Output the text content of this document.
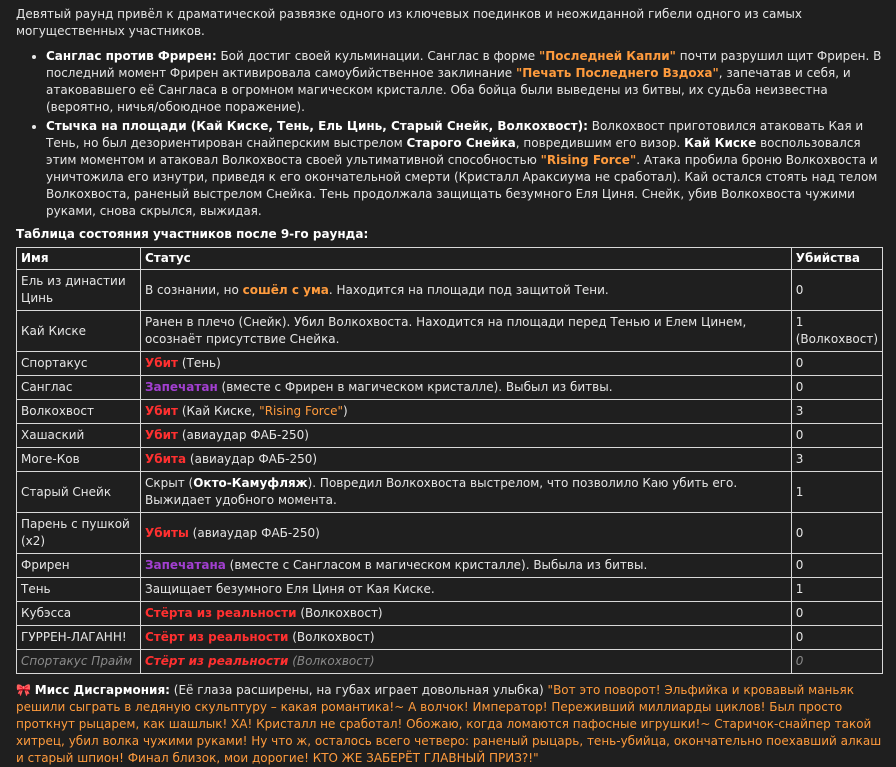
Девятый раунд привёл к драматической развязке одного из ключевых поединков и неожиданной гибели одного из самых могущественных участников.

• Санглас против Фрирен: Бой достиг своей кульминации. Санглас в форме "Последней Капли" почти разрушил щит Фрирен. В последний момент Фрирен активировала самоубийственное заклинание "Печать Последнего Вздоха", запечатав и себя, и атаковавшего её Сангласа в огромном магическом кристалле. Оба бойца были выведены из битвы, их судьба неизвестна (вероятно, ничья/обоюдное поражение).
• Стычка на площади (Кай Киске, Тень, Ель Цинь, Старый Снейк, Волкохвост): Волкохвост приготовился атаковать Кая и Тень, но был дезориентирован снайперским выстрелом Старого Снейка, повредившим его визор. Кай Киске воспользовался этим моментом и атаковал Волкохвоста своей ультимативной способностью "Rising Force". Атака пробила броню Волкохвоста и уничтожила его изнутри, приведя к его окончательной смерти (Кристалл Араксиума не сработал). Кай остался стоять над телом Волкохвоста, раненый выстрелом Снейка. Тень продолжала защищать безумного Еля Циня. Снейк, убив Волкохвоста чужими руками, снова скрылся, выжидая.
Таблица состояния участников после 9-го раунда:
Имя	Статус	Убийства
Ель из династии Цинь	В сознании, но сошёл с ума. Находится на площади под защитой Тени.	0
Кай Киске	Ранен в плечо (Снейк). Убил Волкохвоста. Находится на площади перед Тенью и Елем Цинем, осознаёт присутствие Снейка.	1 (Волкохвост)
Спортакус	Убит (Тень)	0
Санглас	Запечатан (вместе с Фрирен в магическом кристалле). Выбыл из битвы.	0
Волкохвост	Убит (Кай Киске, "Rising Force")	3
Хашаский	Убит (авиаудар ФАБ-250)	0
Моге-Ков	Убита (авиаудар ФАБ-250)	3
Старый Снейк	Скрыт (Окто-Камуфляж). Повредил Волкохвоста выстрелом, что позволило Каю убить его. Выжидает удобного момента.	1
Парень с пушкой (x2)	Убиты (авиаудар ФАБ-250)	0
Фрирен	Запечатана (вместе с Сангласом в магическом кристалле). Выбыла из битвы.	0
Тень	Защищает безумного Еля Циня от Кая Киске.	1
Кубэсса	Стёрта из реальности (Волкохвост)	0
ГУРРЕН-ЛАГАНН!	Стёрт из реальности (Волкохвост)	0
Спортакус Прайм	Стёрт из реальности (Волкохвост)	0
🎀 Мисс Дисгармония: (Её глаза расширены, на губах играет довольная улыбка) "Вот это поворот! Эльфийка и кровавый маньяк решили сыграть в ледяную скульптуру – какая романтика!~ А волчок! Император! Переживший миллиарды циклов! Был просто проткнут рыцарем, как шашлык! ХА! Кристалл не сработал! Обожаю, когда ломаются пафосные игрушки!~ Старичок-снайпер такой хитрец, убил волка чужими руками! Ну что ж, осталось всего четверо: раненый рыцарь, тень-убийца, окончательно поехавший алкаш и старый шпион! Финал близок, мои дорогие! КТО ЖЕ ЗАБЕРЁТ ГЛАВНЫЙ ПРИЗ?!"
